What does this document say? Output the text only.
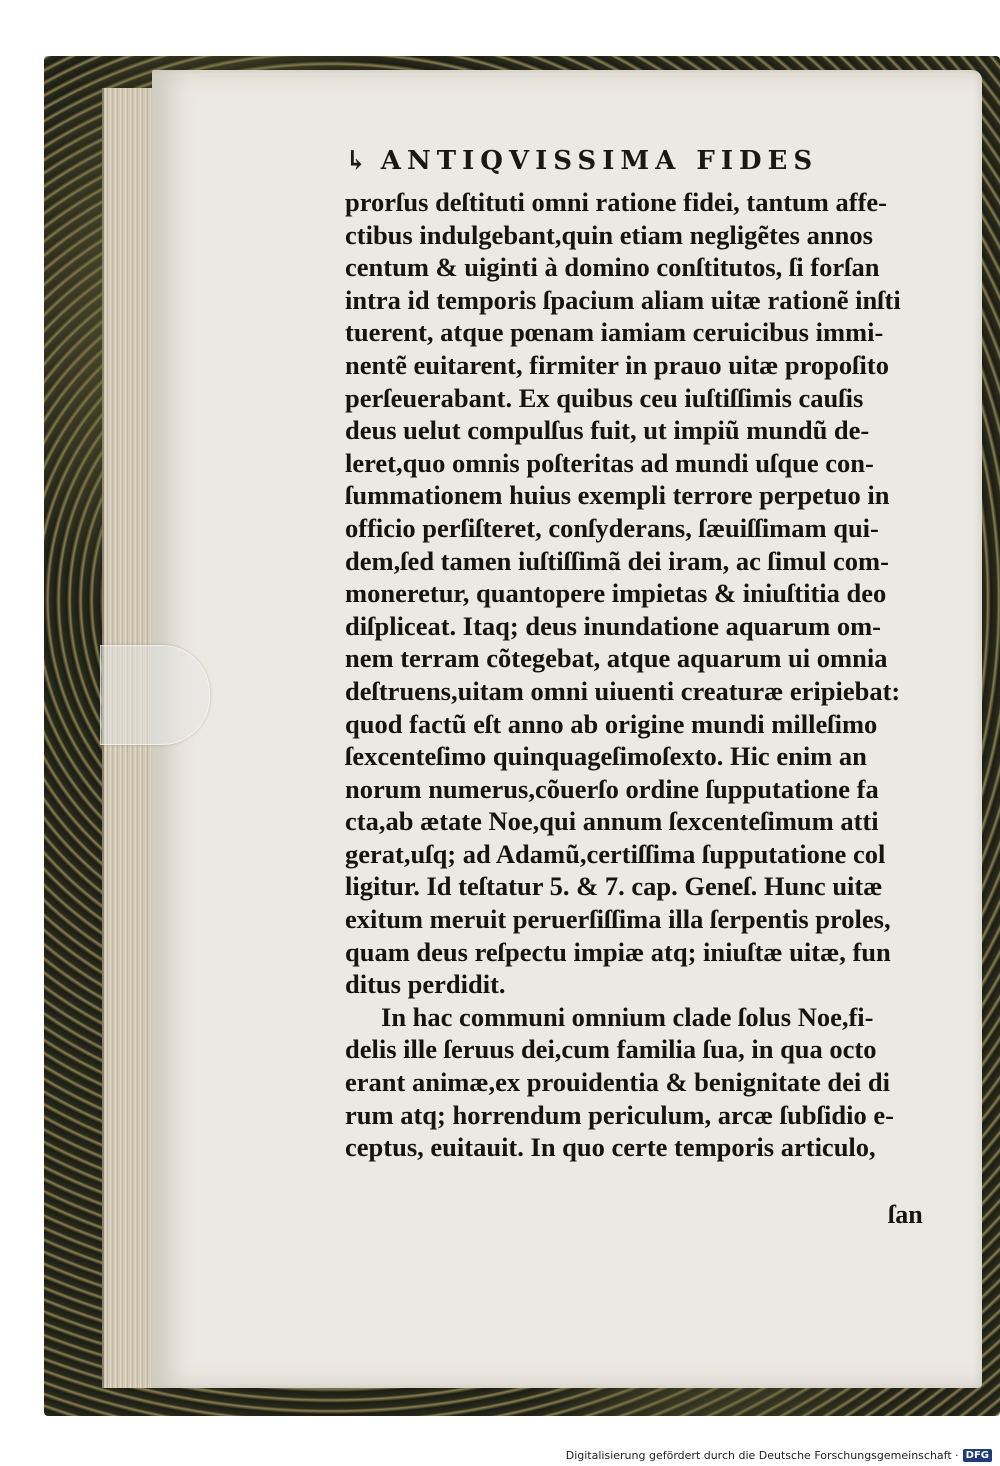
↳ ANTIQVISSIMA FIDES
prorſus deſtituti omni ratione fidei, tantum affe-
ctibus indulgebant,quin etiam negligẽtes annos
centum & uiginti à domino conſtitutos, ſi forſan
intra id temporis ſpacium aliam uitæ rationẽ inſti
tuerent, atque pœnam iamiam ceruicibus immi-
nentẽ euitarent, firmiter in prauo uitæ propoſito
perſeuerabant. Ex quibus ceu iuſtiſſimis cauſis
deus uelut compulſus fuit, ut impiũ mundũ de-
leret,quo omnis poſteritas ad mundi uſque con-
ſummationem huius exempli terrore perpetuo in
officio perſiſteret, conſyderans, ſæuiſſimam qui-
dem,ſed tamen iuſtiſſimã dei iram, ac ſimul com-
moneretur, quantopere impietas & iniuſtitia deo
diſpliceat. Itaq; deus inundatione aquarum om-
nem terram cõtegebat, atque aquarum ui omnia
deſtruens,uitam omni uiuenti creaturæ eripiebat:
quod factũ eſt anno ab origine mundi milleſimo
ſexcenteſimo quinquageſimoſexto. Hic enim an
norum numerus,cõuerſo ordine ſupputatione fa
cta,ab ætate Noe,qui annum ſexcenteſimum atti
gerat,uſq; ad Adamũ,certiſſima ſupputatione col
ligitur. Id teſtatur 5. & 7. cap. Geneſ. Hunc uitæ
exitum meruit peruerſiſſima illa ſerpentis proles,
quam deus reſpectu impiæ atq; iniuſtæ uitæ, fun
ditus perdidit.
In hac communi omnium clade ſolus Noe,fi-
delis ille ſeruus dei,cum familia ſua, in qua octo
erant animæ,ex prouidentia & benignitate dei di
rum atq; horrendum periculum, arcæ ſubſidio e-
ceptus, euitauit. In quo certe temporis articulo,
ſan
Digitalisierung gefördert durch die Deutsche Forschungsgemeinschaft · DFG
